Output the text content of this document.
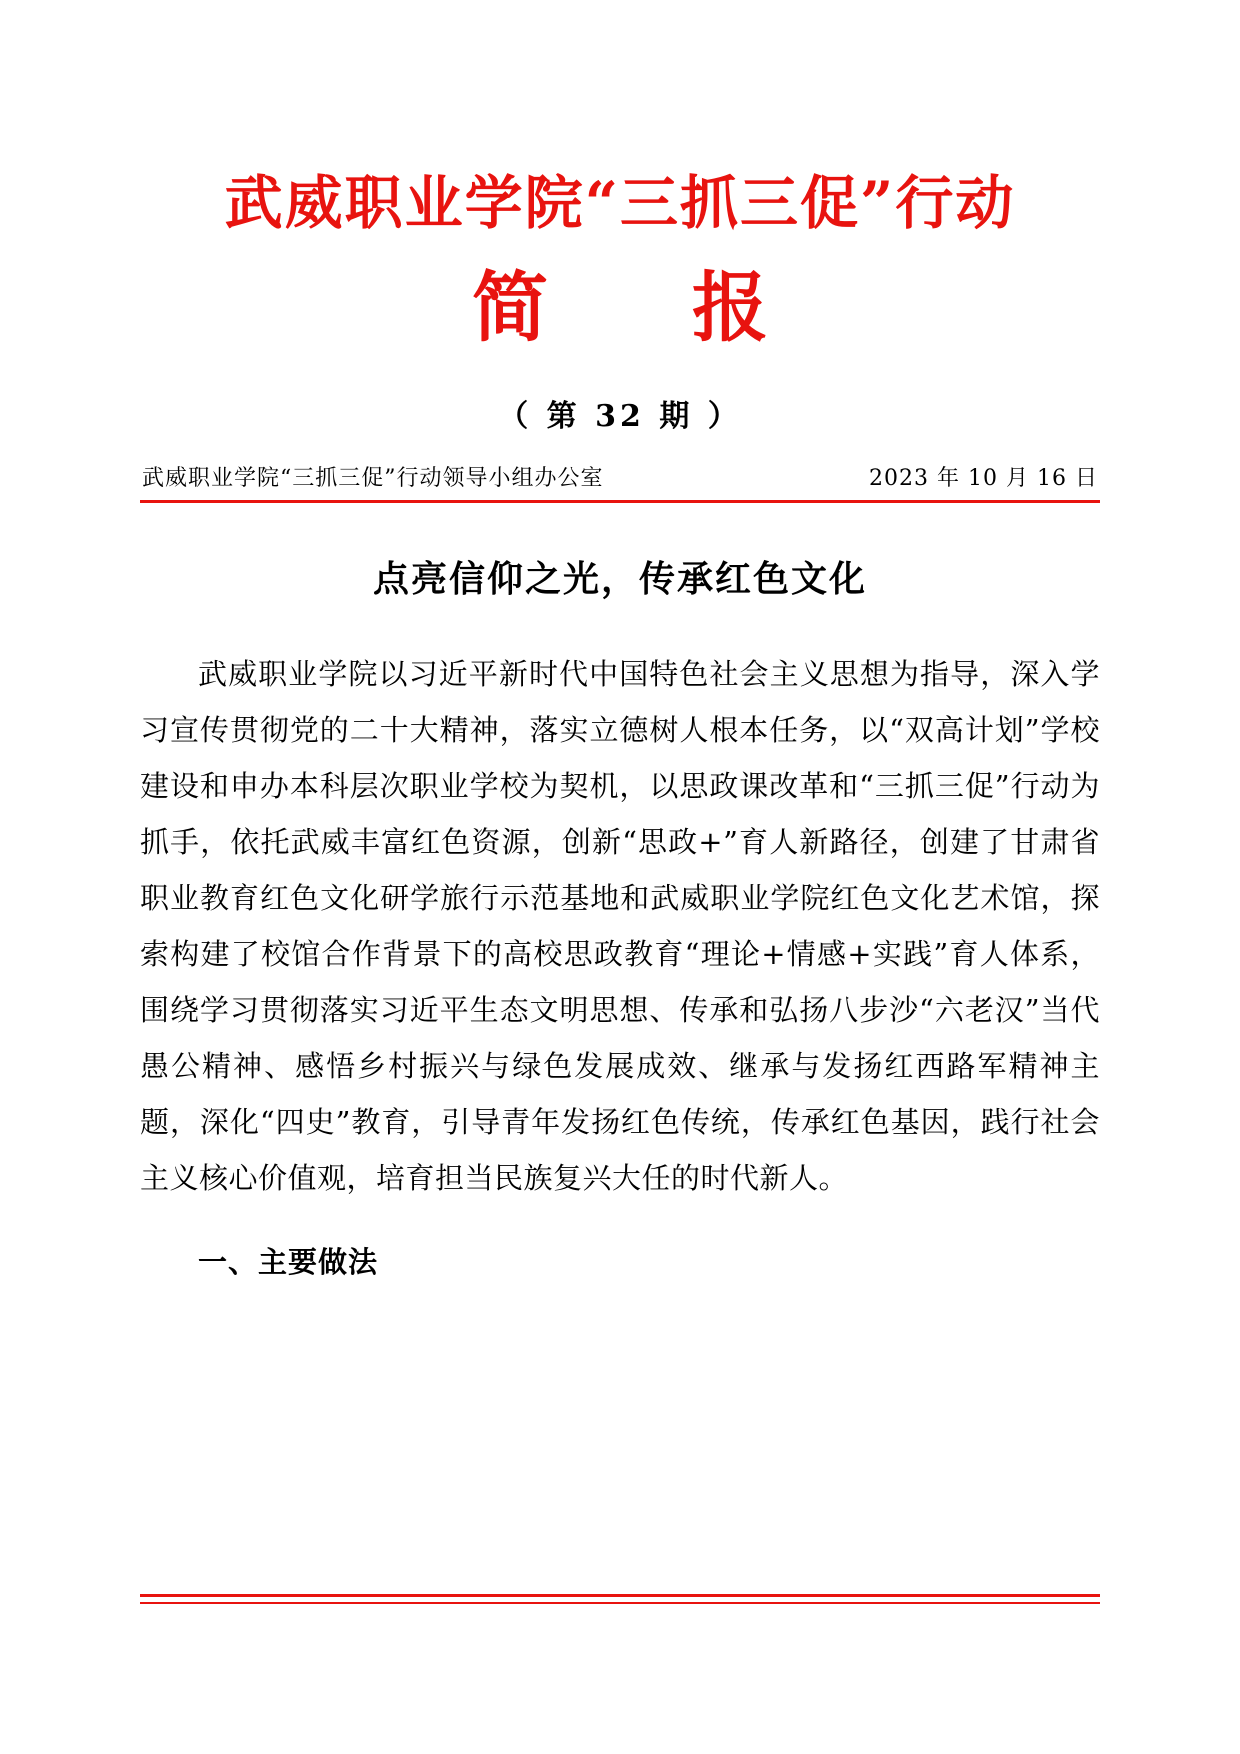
武威职业学院“三抓三促”行动
简　报
（ 第 32 期 ）
武威职业学院“三抓三促”行动领导小组办公室	2023 年 10 月 16 日
点亮信仰之光，传承红色文化

武威职业学院以习近平新时代中国特色社会主义思想为指导，深入学习宣传贯彻党的二十大精神，落实立德树人根本任务，以“双高计划”学校建设和申办本科层次职业学校为契机，以思政课改革和“三抓三促”行动为抓手，依托武威丰富红色资源，创新“思政+”育人新路径，创建了甘肃省职业教育红色文化研学旅行示范基地和武威职业学院红色文化艺术馆，探索构建了校馆合作背景下的高校思政教育“理论+情感+实践”育人体系，围绕学习贯彻落实习近平生态文明思想、传承和弘扬八步沙“六老汉”当代愚公精神、感悟乡村振兴与绿色发展成效、继承与发扬红西路军精神主题，深化“四史”教育，引导青年发扬红色传统，传承红色基因，践行社会主义核心价值观，培育担当民族复兴大任的时代新人。

一、主要做法
